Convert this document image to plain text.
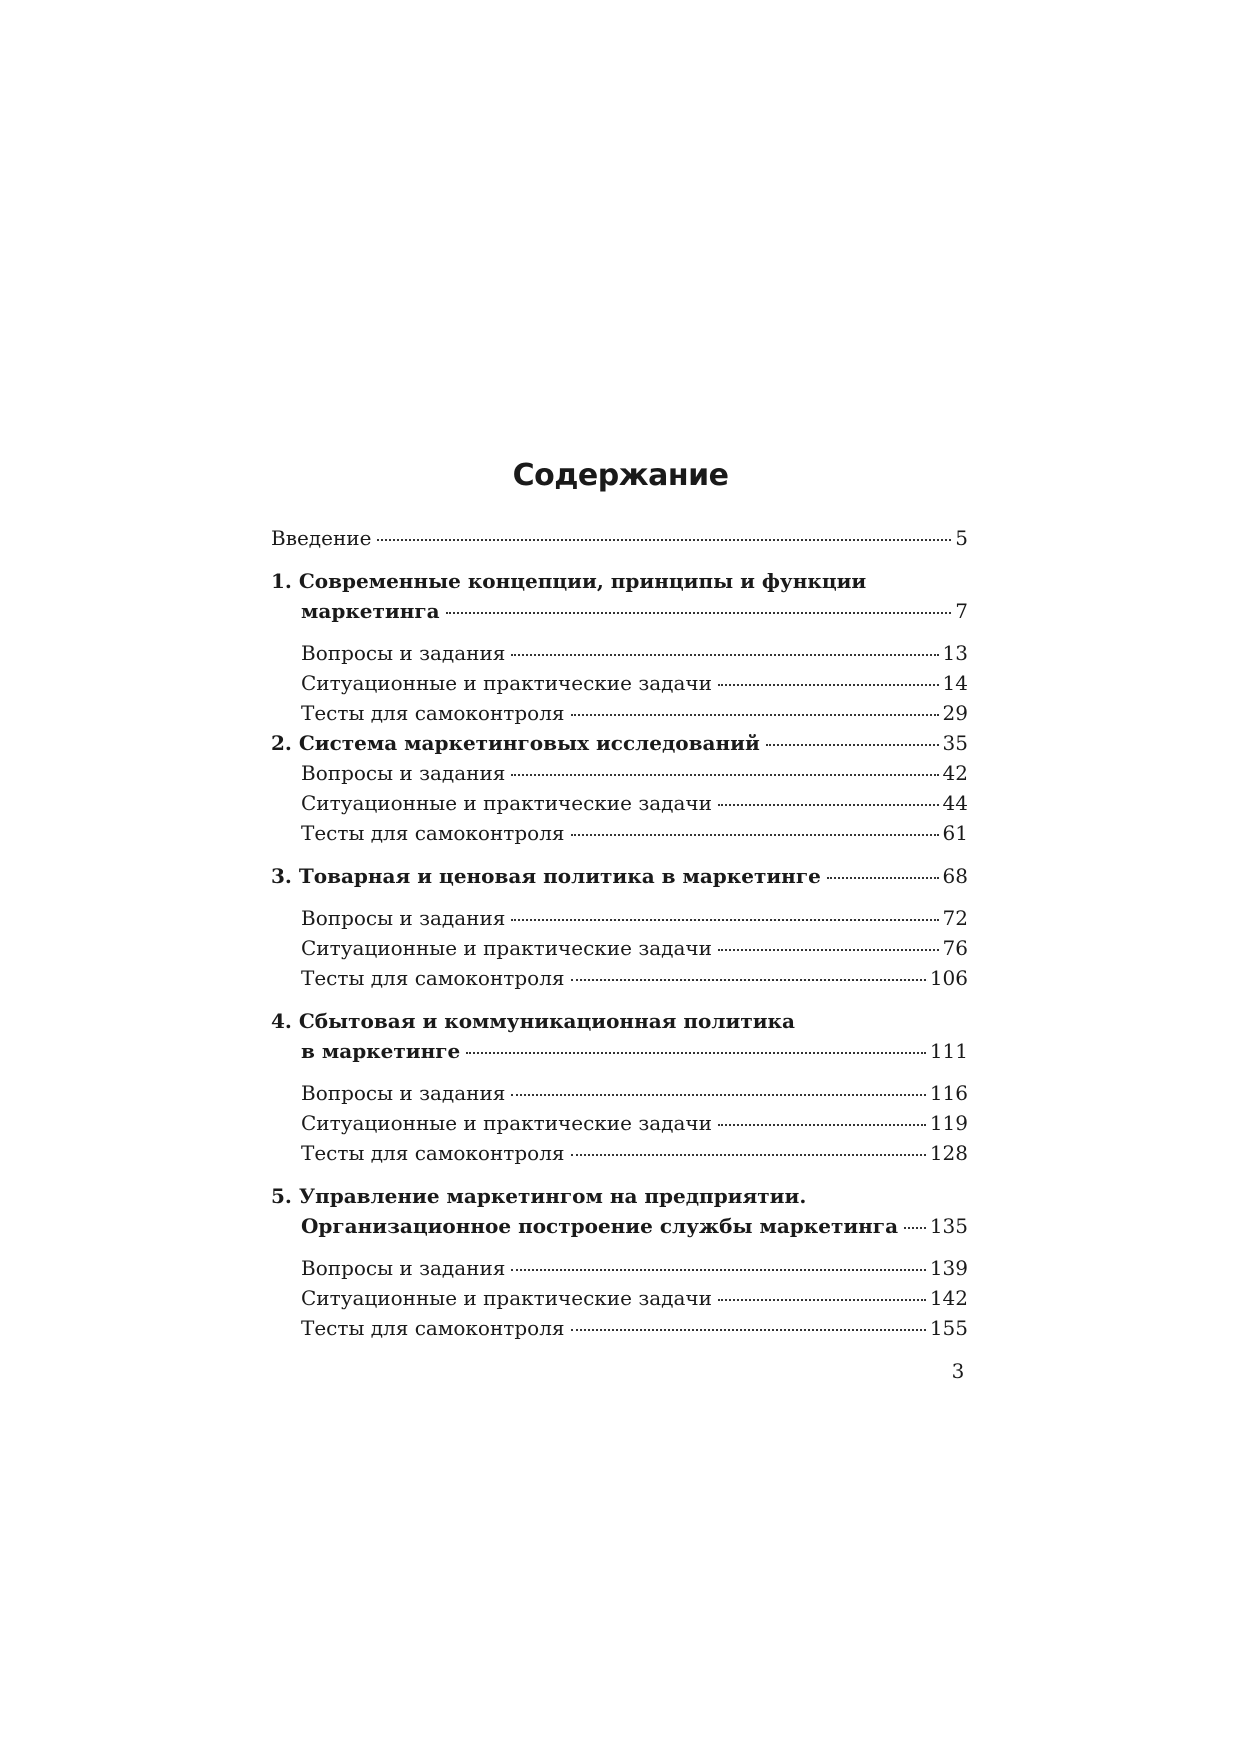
Содержание
Введение	5
1. Современные концепции, принципы и функции
маркетинга	7
Вопросы и задания	13
Ситуационные и практические задачи	14
Тесты для самоконтроля	29
2. Система маркетинговых исследований	35
Вопросы и задания	42
Ситуационные и практические задачи	44
Тесты для самоконтроля	61
3. Товарная и ценовая политика в маркетинге	68
Вопросы и задания	72
Ситуационные и практические задачи	76
Тесты для самоконтроля	106
4. Сбытовая и коммуникационная политика
в маркетинге	111
Вопросы и задания	116
Ситуационные и практические задачи	119
Тесты для самоконтроля	128
5. Управление маркетингом на предприятии.
Организационное построение службы маркетинга 135
Вопросы и задания	139
Ситуационные и практические задачи	142
Тесты для самоконтроля	155
3
